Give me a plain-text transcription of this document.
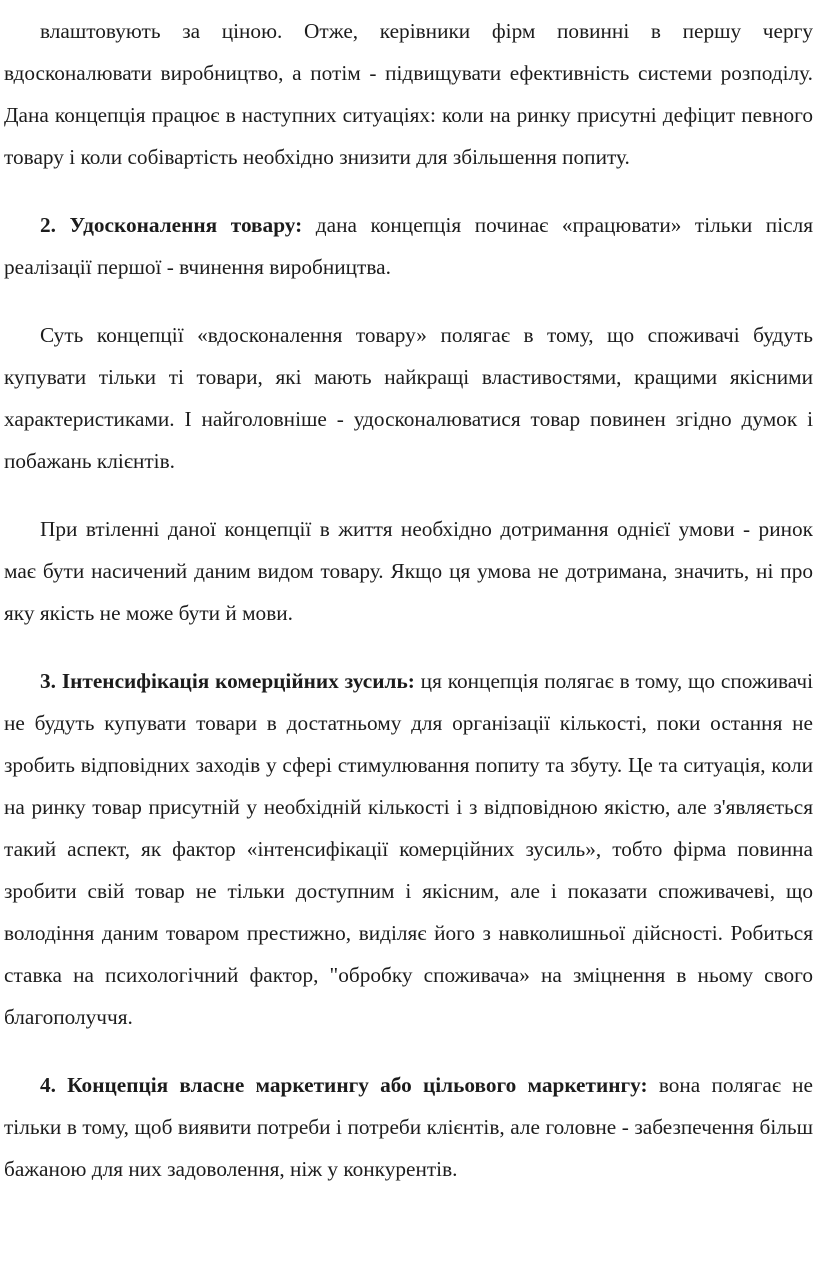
влаштовують за ціною. Отже, керівники фірм повинні в першу чергу вдосконалювати виробництво, а потім - підвищувати ефективність системи розподілу. Дана концепція працює в наступних ситуаціях: коли на ринку присутні дефіцит певного товару і коли собівартість необхідно знизити для збільшення попиту.

2. Удосконалення товару: дана концепція починає «працювати» тільки після реалізації першої - вчинення виробництва.

Суть концепції «вдосконалення товару» полягає в тому, що споживачі будуть купувати тільки ті товари, які мають найкращі властивостями, кращими якісними характеристиками. І найголовніше - удосконалюватися товар повинен згідно думок і побажань клієнтів.

При втіленні даної концепції в життя необхідно дотримання однієї умови - ринок має бути насичений даним видом товару. Якщо ця умова не дотримана, значить, ні про яку якість не може бути й мови.

3. Інтенсифікація комерційних зусиль: ця концепція полягає в тому, що споживачі не будуть купувати товари в достатньому для організації кількості, поки остання не зробить відповідних заходів у сфері стимулювання попиту та збуту. Це та ситуація, коли на ринку товар присутній у необхідній кількості і з відповідною якістю, але з'являється такий аспект, як фактор «інтенсифікації комерційних зусиль», тобто фірма повинна зробити свій товар не тільки доступним і якісним, але і показати споживачеві, що володіння даним товаром престижно, виділяє його з навколишньої дійсності. Робиться ставка на психологічний фактор, "обробку споживача» на зміцнення в ньому свого благополуччя.

4. Концепція власне маркетингу або цільового маркетингу: вона полягає не тільки в тому, щоб виявити потреби і потреби клієнтів, але головне - забезпечення більш бажаною для них задоволення, ніж у конкурентів.
